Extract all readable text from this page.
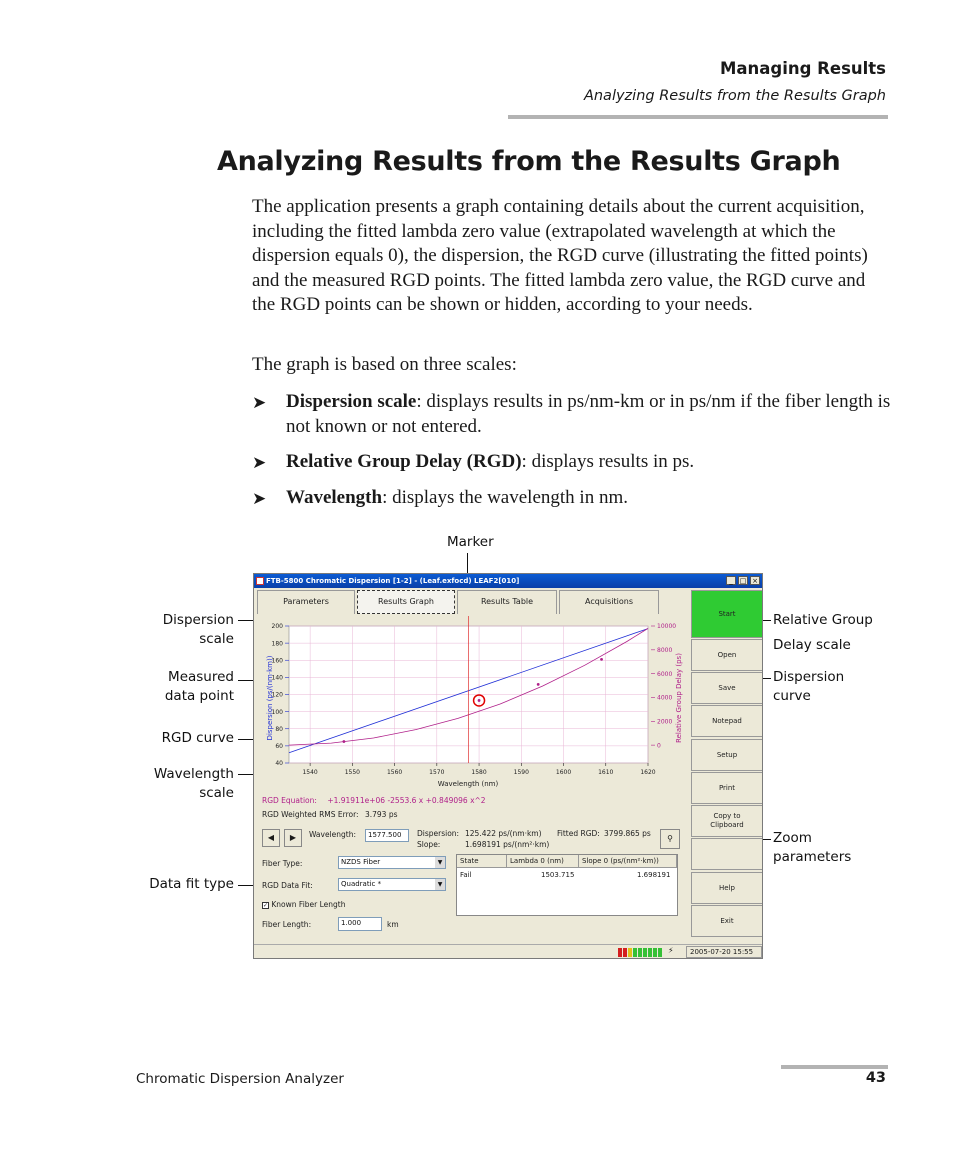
Managing Results
Analyzing Results from the Results Graph
Analyzing Results from the Results Graph
The application presents a graph containing details about the current acquisition, including the fitted lambda zero value (extrapolated wavelength at which the dispersion equals 0), the dispersion, the RGD curve (illustrating the fitted points) and the measured RGD points. The fitted lambda zero value, the RGD curve and the RGD points can be shown or hidden, according to your needs.
The graph is based on three scales:
➤	Dispersion scale: displays results in ps/nm-km or in ps/nm if the fiber length is not known or not entered.
➤	Relative Group Delay (RGD): displays results in ps.
➤	Wavelength: displays the wavelength in nm.
Marker
Dispersion
scale
Measured
data point
RGD curve
Wavelength
scale
Data fit type
Relative Group
Delay scale
Dispersion
curve
Zoom
parameters
FTB-5800 Chromatic Dispersion [1-2] - (Leaf.exfocd) LEAF2[010]	_ □ ×
Parameters	Results Graph	Results Table	Acquisitions
40
60
80
100
120
140
160
180
200
0
2000
4000
6000
8000
10000
1540	1550	1560	1570	1580	1590	1600	1610	1620
Dispersion (ps/(nm·km))	Relative Group Delay (ps)
Wavelength (nm)
RGD Equation: +1.91911e+06 -2553.6 x +0.849096 x^2
RGD Weighted RMS Error: 3.793 ps
◀	▶	Wavelength:	1577.500	Dispersion: 125.422 ps/(nm·km) Fitted RGD: 3799.865 ps
Slope:	1.698191 ps/(nm²·km)
⚲
Fiber Type:	NZDS Fiber	▼
RGD Data Fit:	Quadratic *	▼
✓ Known Fiber Length
Fiber Length:	1.000	km
State	Lambda 0 (nm)	Slope 0 (ps/(nm²·km))
Fail	1503.715	1.698191
Start
Open
Save
Notepad
Setup
Print
Copy to
Clipboard
Help
Exit
⚡	2005-07-20 15:55
Chromatic Dispersion Analyzer	43
